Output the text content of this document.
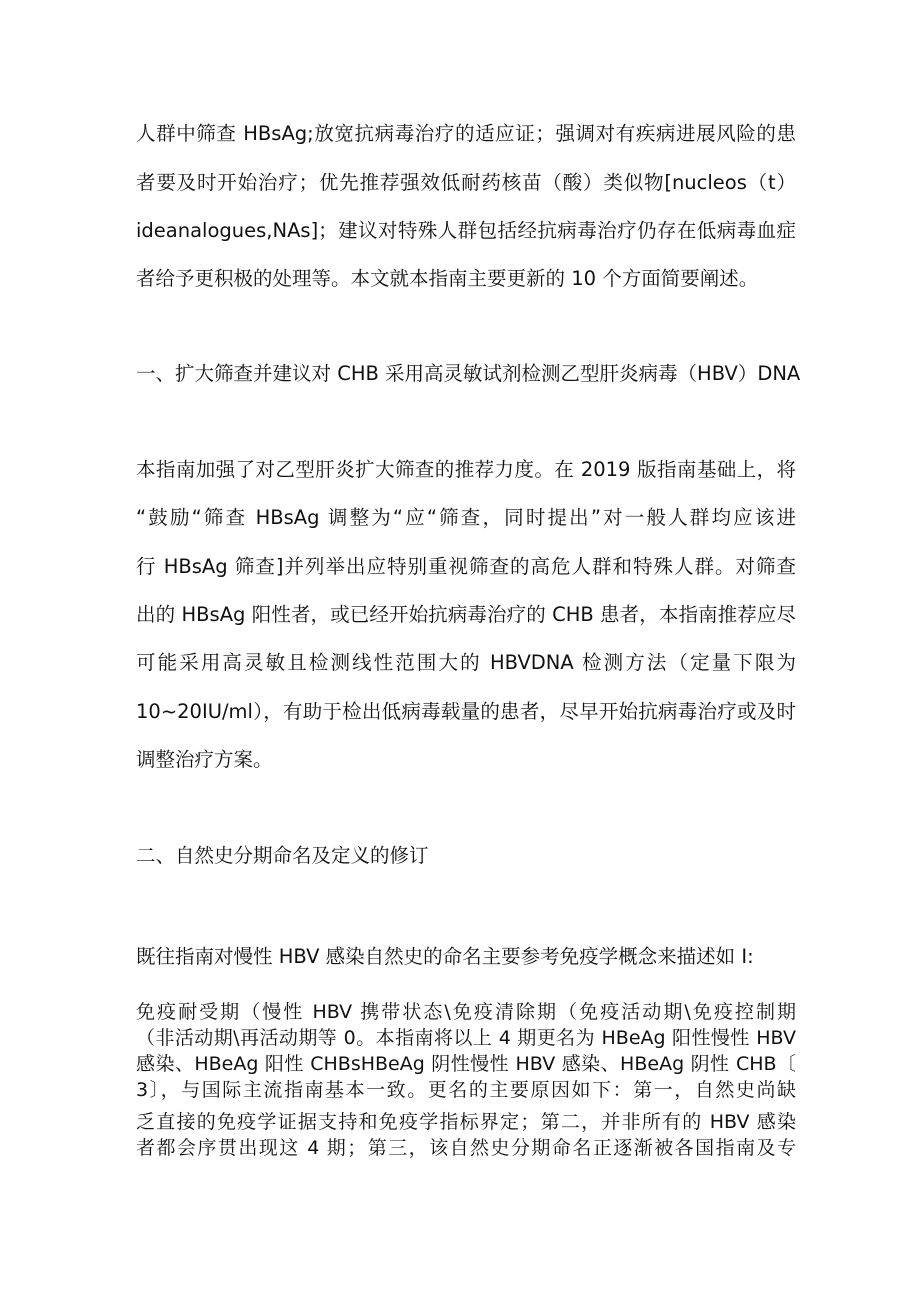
人群中筛查 HBsAg;放宽抗病毒治疗的适应证；强调对有疾病进展风险的患
者要及时开始治疗；优先推荐强效低耐药核苗（酸）类似物[nucleos（t）
ideanalogues,NAs]；建议对特殊人群包括经抗病毒治疗仍存在低病毒血症
者给予更积极的处理等。本文就本指南主要更新的 10 个方面简要阐述。
一、扩大筛查并建议对 CHB 采用高灵敏试剂检测乙型肝炎病毒（HBV）DNA
本指南加强了对乙型肝炎扩大筛查的推荐力度。在 2019 版指南基础上，将
“鼓励“筛查 HBsAg 调整为“应“筛查，同时提出”对一般人群均应该进
行 HBsAg 筛查]并列举出应特别重视筛查的高危人群和特殊人群。对筛查
出的 HBsAg 阳性者，或已经开始抗病毒治疗的 CHB 患者，本指南推荐应尽
可能采用高灵敏且检测线性范围大的 HBVDNA 检测方法（定量下限为
10~20IU/ml），有助于检出低病毒载量的患者，尽早开始抗病毒治疗或及时
调整治疗方案。
二、自然史分期命名及定义的修订
既往指南对慢性 HBV 感染自然史的命名主要参考免疫学概念来描述如 I:
免疫耐受期（慢性 HBV 携带状态\免疫清除期（免疫活动期\免疫控制期
（非活动期\再活动期等 0。本指南将以上 4 期更名为 HBeAg 阳性慢性 HBV
感染、HBeAg 阳性 CHBsHBeAg 阴性慢性 HBV 感染、HBeAg 阴性 CHB〔
3〕，与国际主流指南基本一致。更名的主要原因如下：第一，自然史尚缺
乏直接的免疫学证据支持和免疫学指标界定；第二，并非所有的 HBV 感染
者都会序贯出现这 4 期；第三，该自然史分期命名正逐渐被各国指南及专
